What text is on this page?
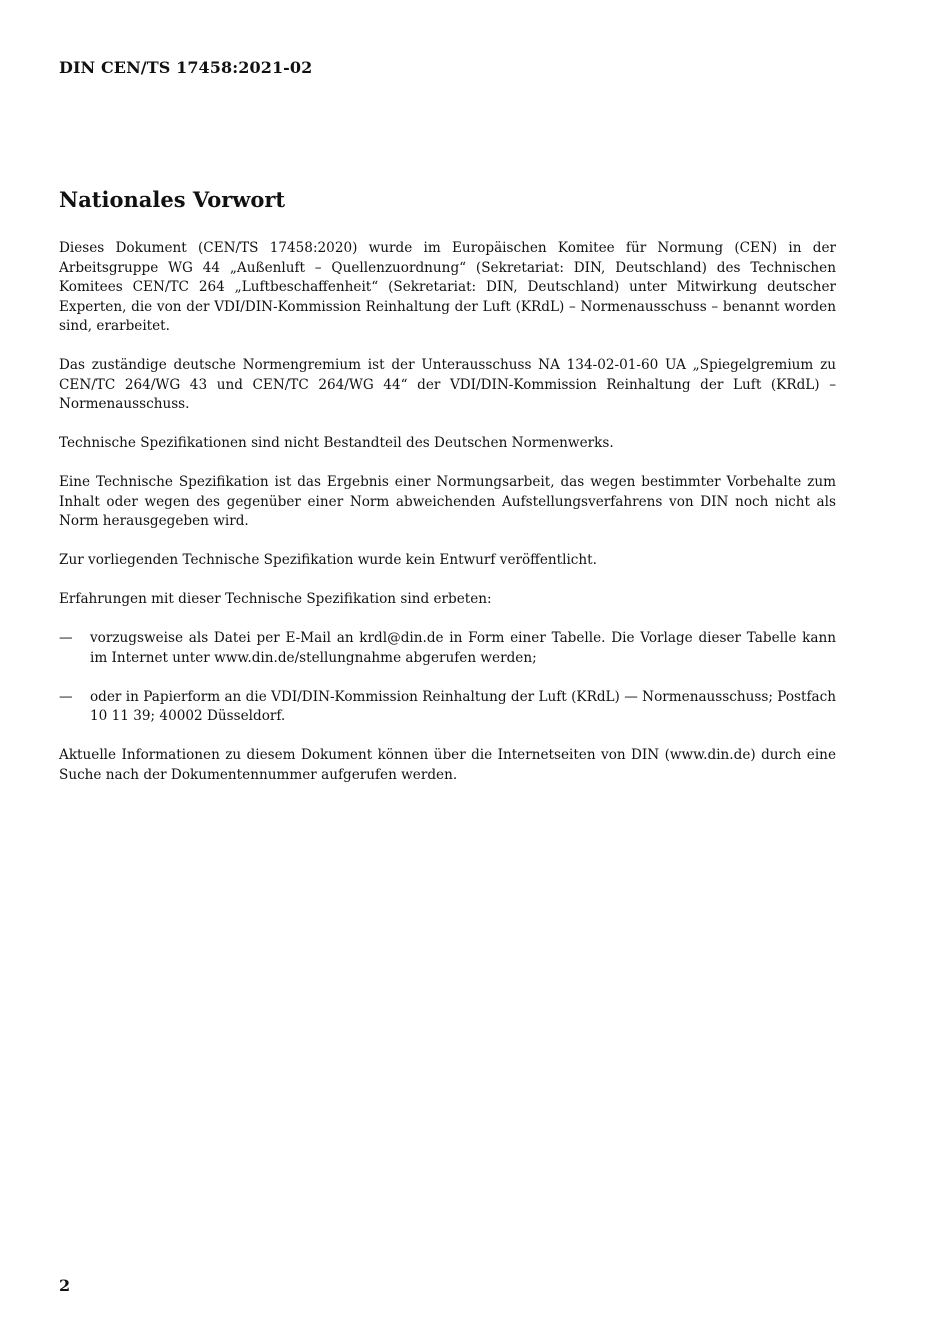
DIN CEN/TS 17458:2021-02
Nationales Vorwort

Dieses Dokument (CEN/TS 17458:2020) wurde im Europäischen Komitee für Normung (CEN) in der Arbeitsgruppe WG 44 „Außenluft – Quellenzuordnung“ (Sekretariat: DIN, Deutschland) des Technischen Komitees CEN/TC 264 „Luftbeschaffenheit“ (Sekretariat: DIN, Deutschland) unter Mitwirkung deutscher Experten, die von der VDI/DIN-Kommission Reinhaltung der Luft (KRdL) – Normenausschuss – benannt worden sind, erarbeitet.

Das zuständige deutsche Normengremium ist der Unterausschuss NA 134-02-01-60 UA „Spiegelgremium zu CEN/TC 264/WG 43 und CEN/TC 264/WG 44“ der VDI/DIN-Kommission Reinhaltung der Luft (KRdL) – Normenausschuss.

Technische Spezifikationen sind nicht Bestandteil des Deutschen Normenwerks.

Eine Technische Spezifikation ist das Ergebnis einer Normungsarbeit, das wegen bestimmter Vorbehalte zum Inhalt oder wegen des gegenüber einer Norm abweichenden Aufstellungsverfahrens von DIN noch nicht als Norm herausgegeben wird.

Zur vorliegenden Technische Spezifikation wurde kein Entwurf veröffentlicht.

Erfahrungen mit dieser Technische Spezifikation sind erbeten:

— vorzugsweise als Datei per E-Mail an krdl@din.de in Form einer Tabelle. Die Vorlage dieser Tabelle kann im Internet unter www.din.de/stellungnahme abgerufen werden;
— oder in Papierform an die VDI/DIN-Kommission Reinhaltung der Luft (KRdL) — Normenausschuss; Postfach 10 11 39; 40002 Düsseldorf.

Aktuelle Informationen zu diesem Dokument können über die Internetseiten von DIN (www.din.de) durch eine Suche nach der Dokumentennummer aufgerufen werden.

2
